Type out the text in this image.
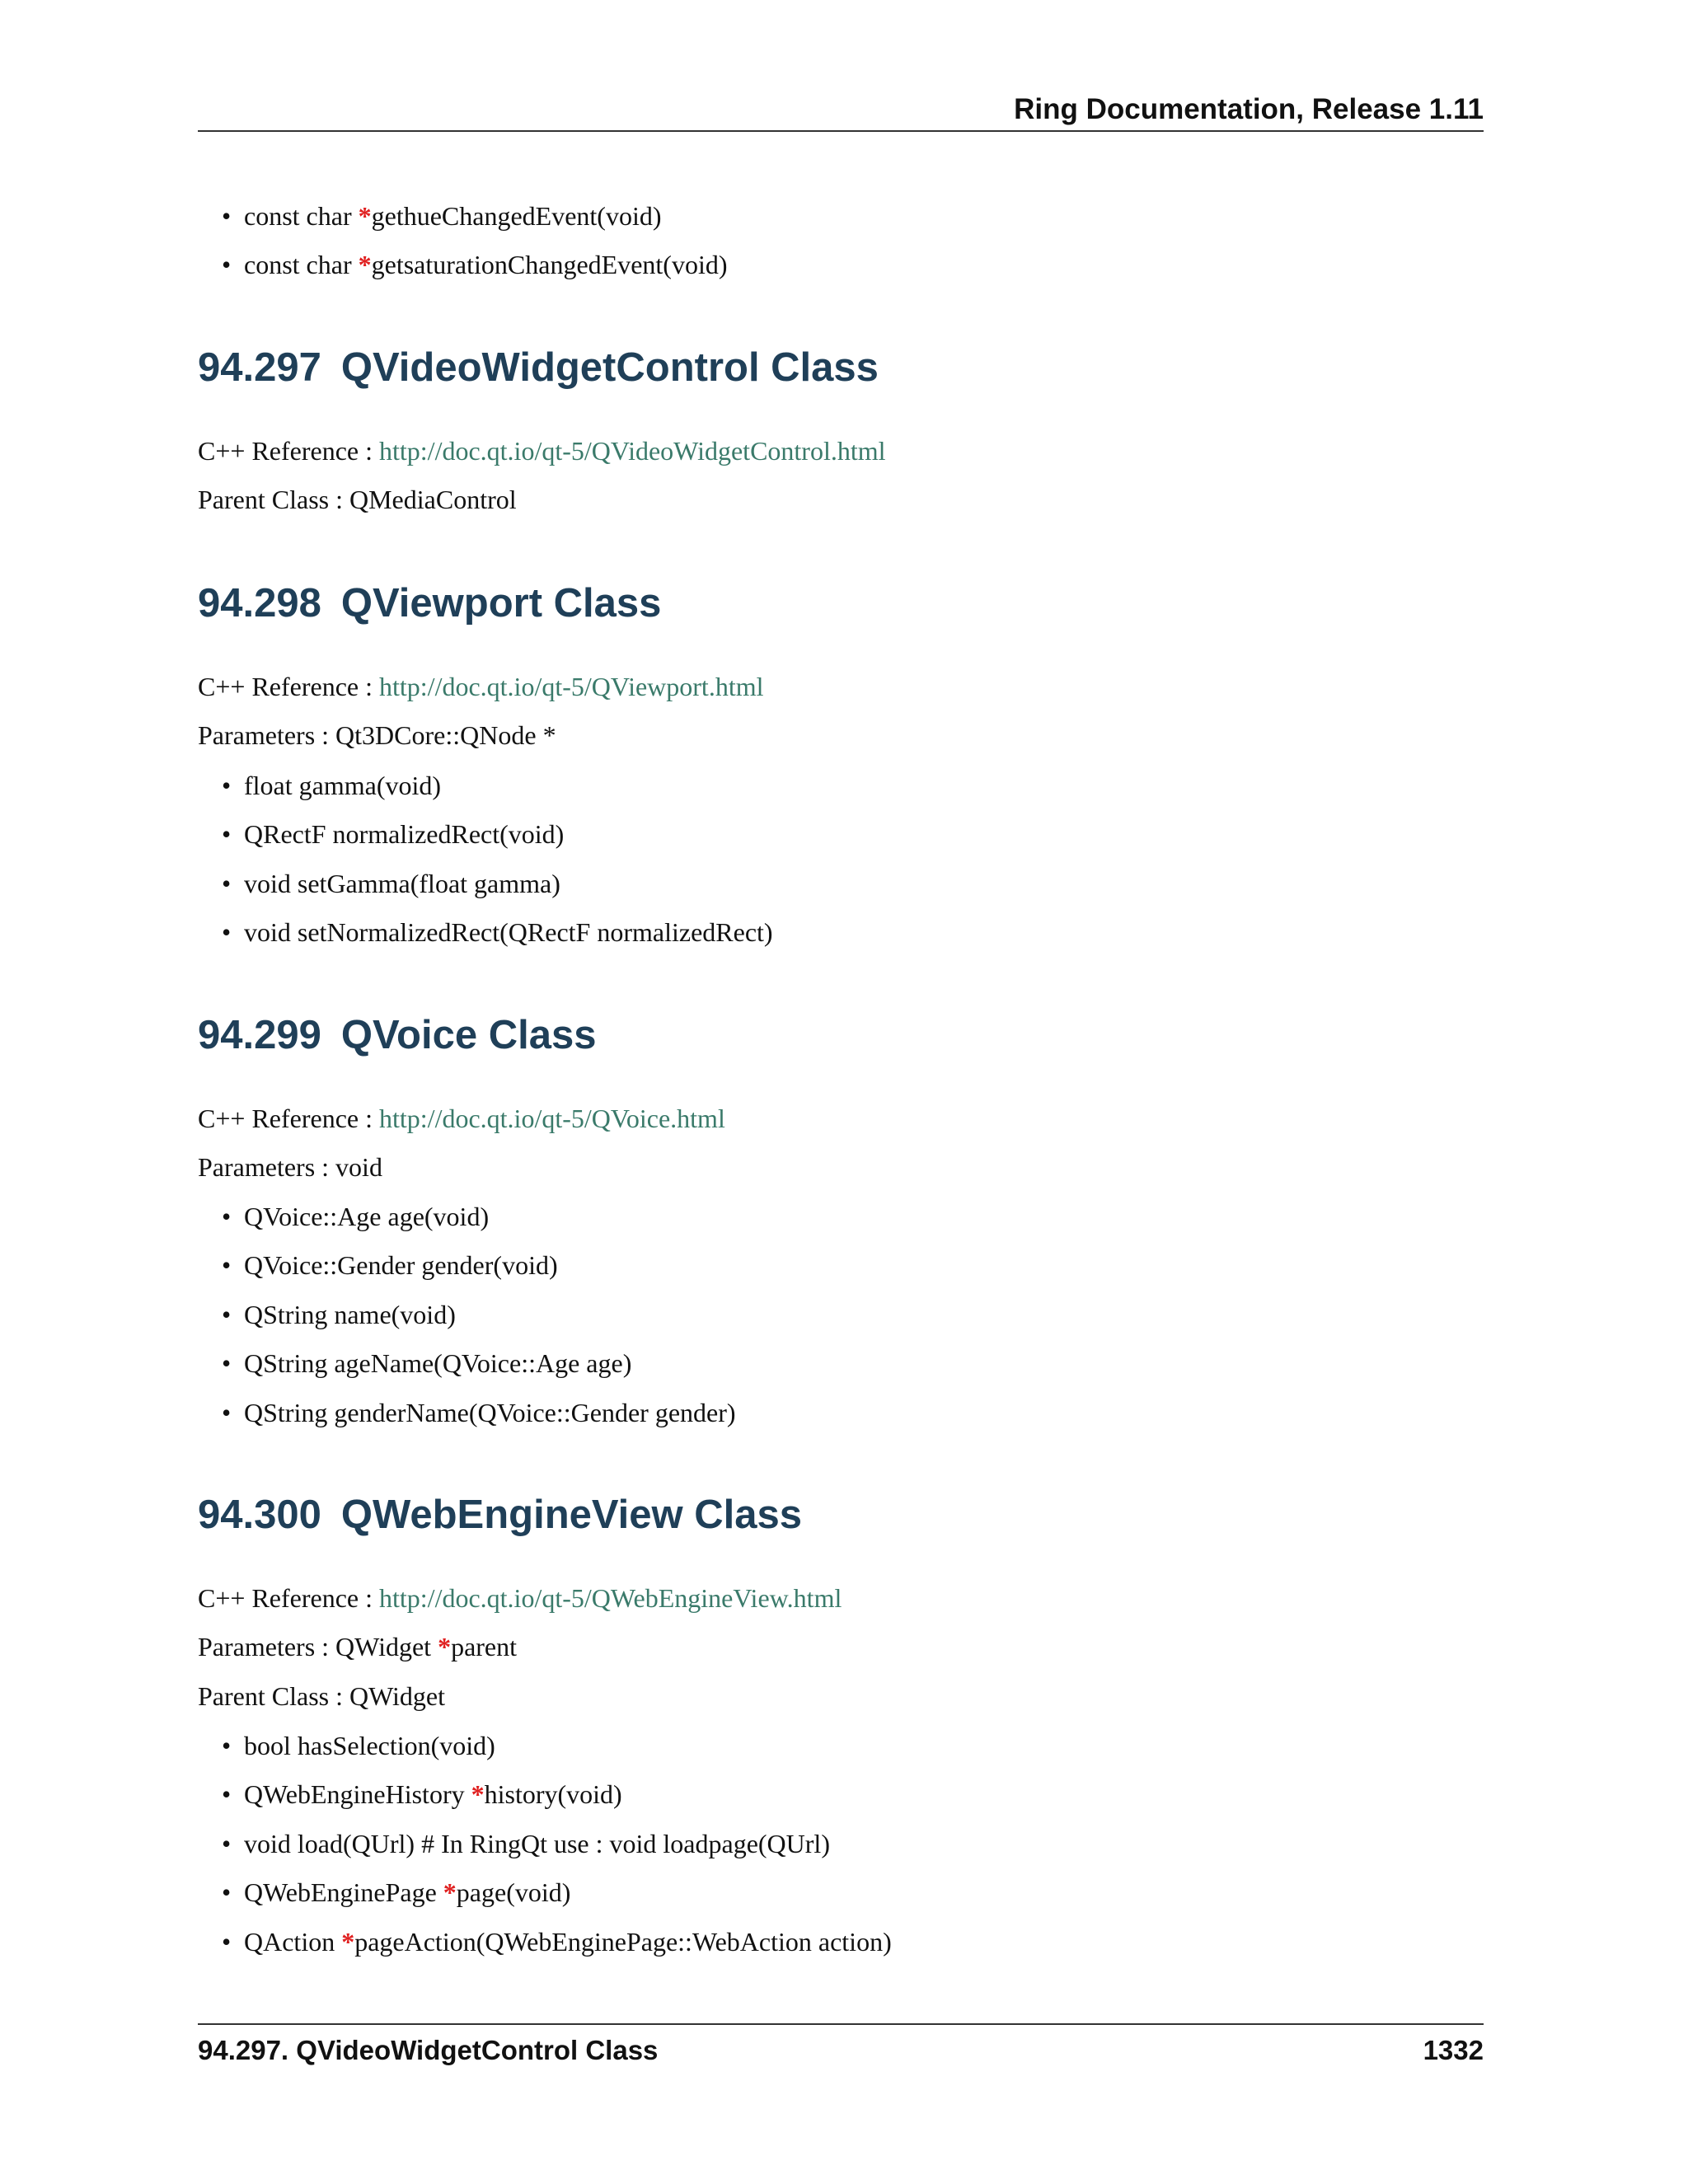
Ring Documentation, Release 1.11
• const char *gethueChangedEvent(void)
• const char *getsaturationChangedEvent(void)
94.297 QVideoWidgetControl Class
C++ Reference : http://doc.qt.io/qt-5/QVideoWidgetControl.html
Parent Class : QMediaControl
94.298 QViewport Class
C++ Reference : http://doc.qt.io/qt-5/QViewport.html
Parameters : Qt3DCore::QNode *
• float gamma(void)
• QRectF normalizedRect(void)
• void setGamma(float gamma)
• void setNormalizedRect(QRectF normalizedRect)
94.299 QVoice Class
C++ Reference : http://doc.qt.io/qt-5/QVoice.html
Parameters : void
• QVoice::Age age(void)
• QVoice::Gender gender(void)
• QString name(void)
• QString ageName(QVoice::Age age)
• QString genderName(QVoice::Gender gender)
94.300 QWebEngineView Class
C++ Reference : http://doc.qt.io/qt-5/QWebEngineView.html
Parameters : QWidget *parent
Parent Class : QWidget
• bool hasSelection(void)
• QWebEngineHistory *history(void)
• void load(QUrl) # In RingQt use : void loadpage(QUrl)
• QWebEnginePage *page(void)
• QAction *pageAction(QWebEnginePage::WebAction action)
94.297. QVideoWidgetControl Class	1332
